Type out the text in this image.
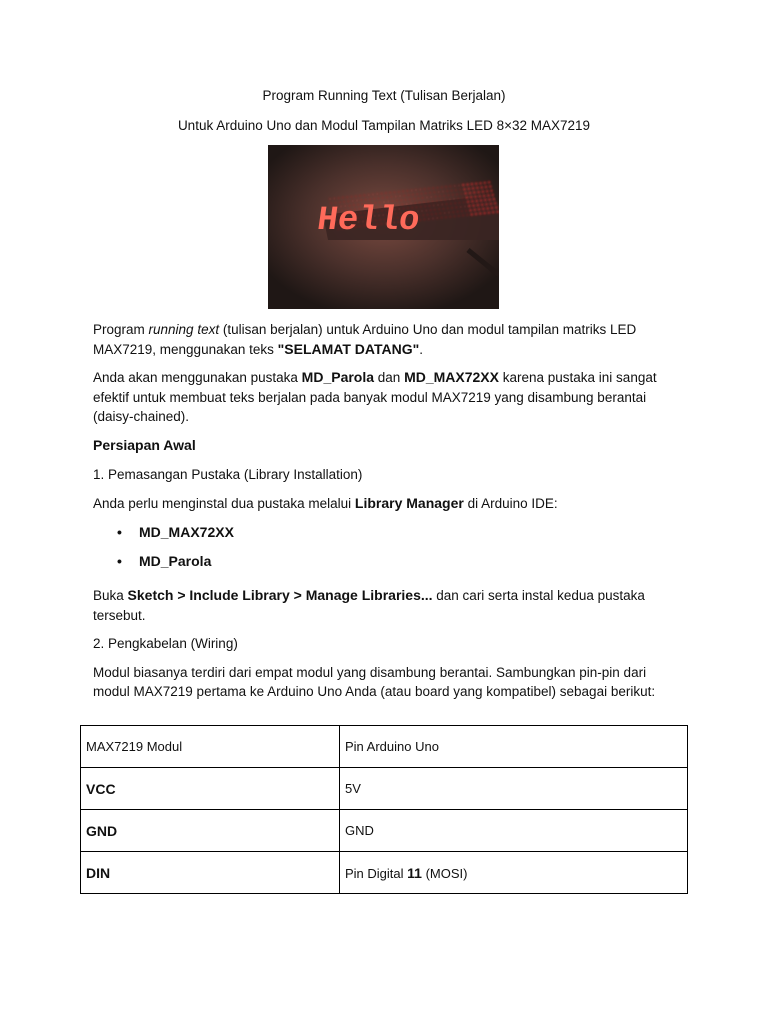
Program Running Text (Tulisan Berjalan)
Untuk Arduino Uno dan Modul Tampilan Matriks LED 8×32 MAX7219
Hello

Program running text (tulisan berjalan) untuk Arduino Uno dan modul tampilan matriks LED MAX7219, menggunakan teks "SELAMAT DATANG".

Anda akan menggunakan pustaka MD_Parola dan MD_MAX72XX karena pustaka ini sangat efektif untuk membuat teks berjalan pada banyak modul MAX7219 yang disambung berantai (daisy-chained).

Persiapan Awal

1. Pemasangan Pustaka (Library Installation)

Anda perlu menginstal dua pustaka melalui Library Manager di Arduino IDE:

• MD_MAX72XX
• MD_Parola

Buka Sketch > Include Library > Manage Libraries... dan cari serta instal kedua pustaka tersebut.

2. Pengkabelan (Wiring)

Modul biasanya terdiri dari empat modul yang disambung berantai. Sambungkan pin-pin dari modul MAX7219 pertama ke Arduino Uno Anda (atau board yang kompatibel) sebagai berikut:

MAX7219 Modul	Pin Arduino Uno
VCC	5V
GND	GND
DIN	Pin Digital 11 (MOSI)
